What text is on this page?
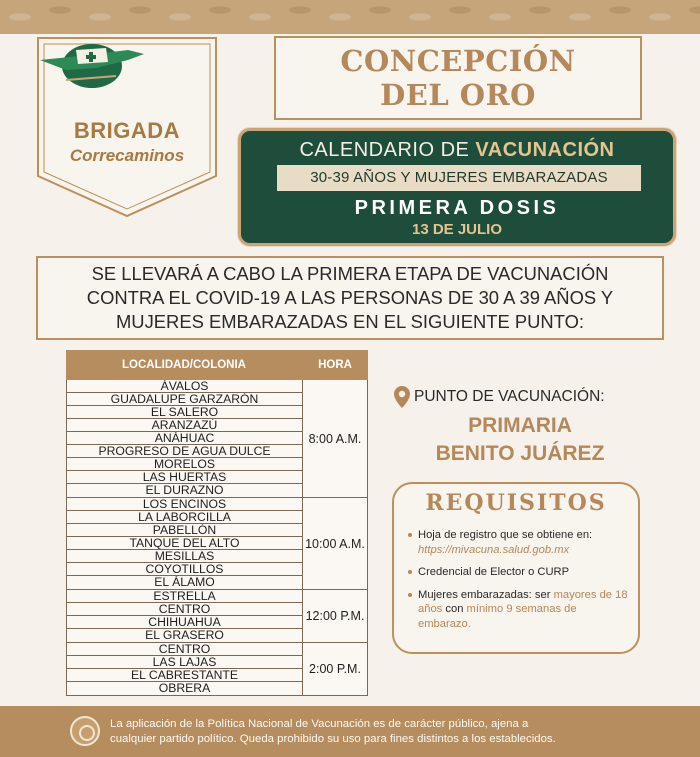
BRIGADA
Correcaminos
CONCEPCIÓN
DEL ORO
CALENDARIO DE VACUNACIÓN
30-39 AÑOS Y MUJERES EMBARAZADAS
PRIMERA DOSIS
13 DE JULIO
SE LLEVARÁ A CABO LA PRIMERA ETAPA DE VACUNACIÓN
CONTRA EL COVID-19 A LAS PERSONAS DE 30 A 39 AÑOS Y
MUJERES EMBARAZADAS EN EL SIGUIENTE PUNTO:
LOCALIDAD/COLONIA	HORA
ÁVALOS
GUADALUPE GARZARÓN
EL SALERO
ARANZAZÚ
ANÁHUAC
PROGRESO DE AGUA DULCE
MORELOS
LAS HUERTAS
EL DURAZNO
8:00 A.M.
LOS ENCINOS
LA LABORCILLA
PABELLÓN
TANQUE DEL ALTO
MESILLAS
COYOTILLOS
EL ÁLAMO
10:00 A.M.
ESTRELLA
CENTRO
CHIHUAHUA
EL GRASERO
12:00 P.M.
CENTRO
LAS LAJAS
EL CABRESTANTE
OBRERA
2:00 P.M.
PUNTO DE VACUNACIÓN:
PRIMARIA
BENITO JUÁREZ
REQUISITOS
Hoja de registro que se obtiene en: https://mivacuna.salud.gob.mx
Credencial de Elector o CURP
Mujeres embarazadas: ser mayores de 18 años con mínimo 9 semanas de embarazo.
La aplicación de la Política Nacional de Vacunación es de carácter público, ajena a
cualquier partido político. Queda prohibido su uso para fines distintos a los establecidos.
